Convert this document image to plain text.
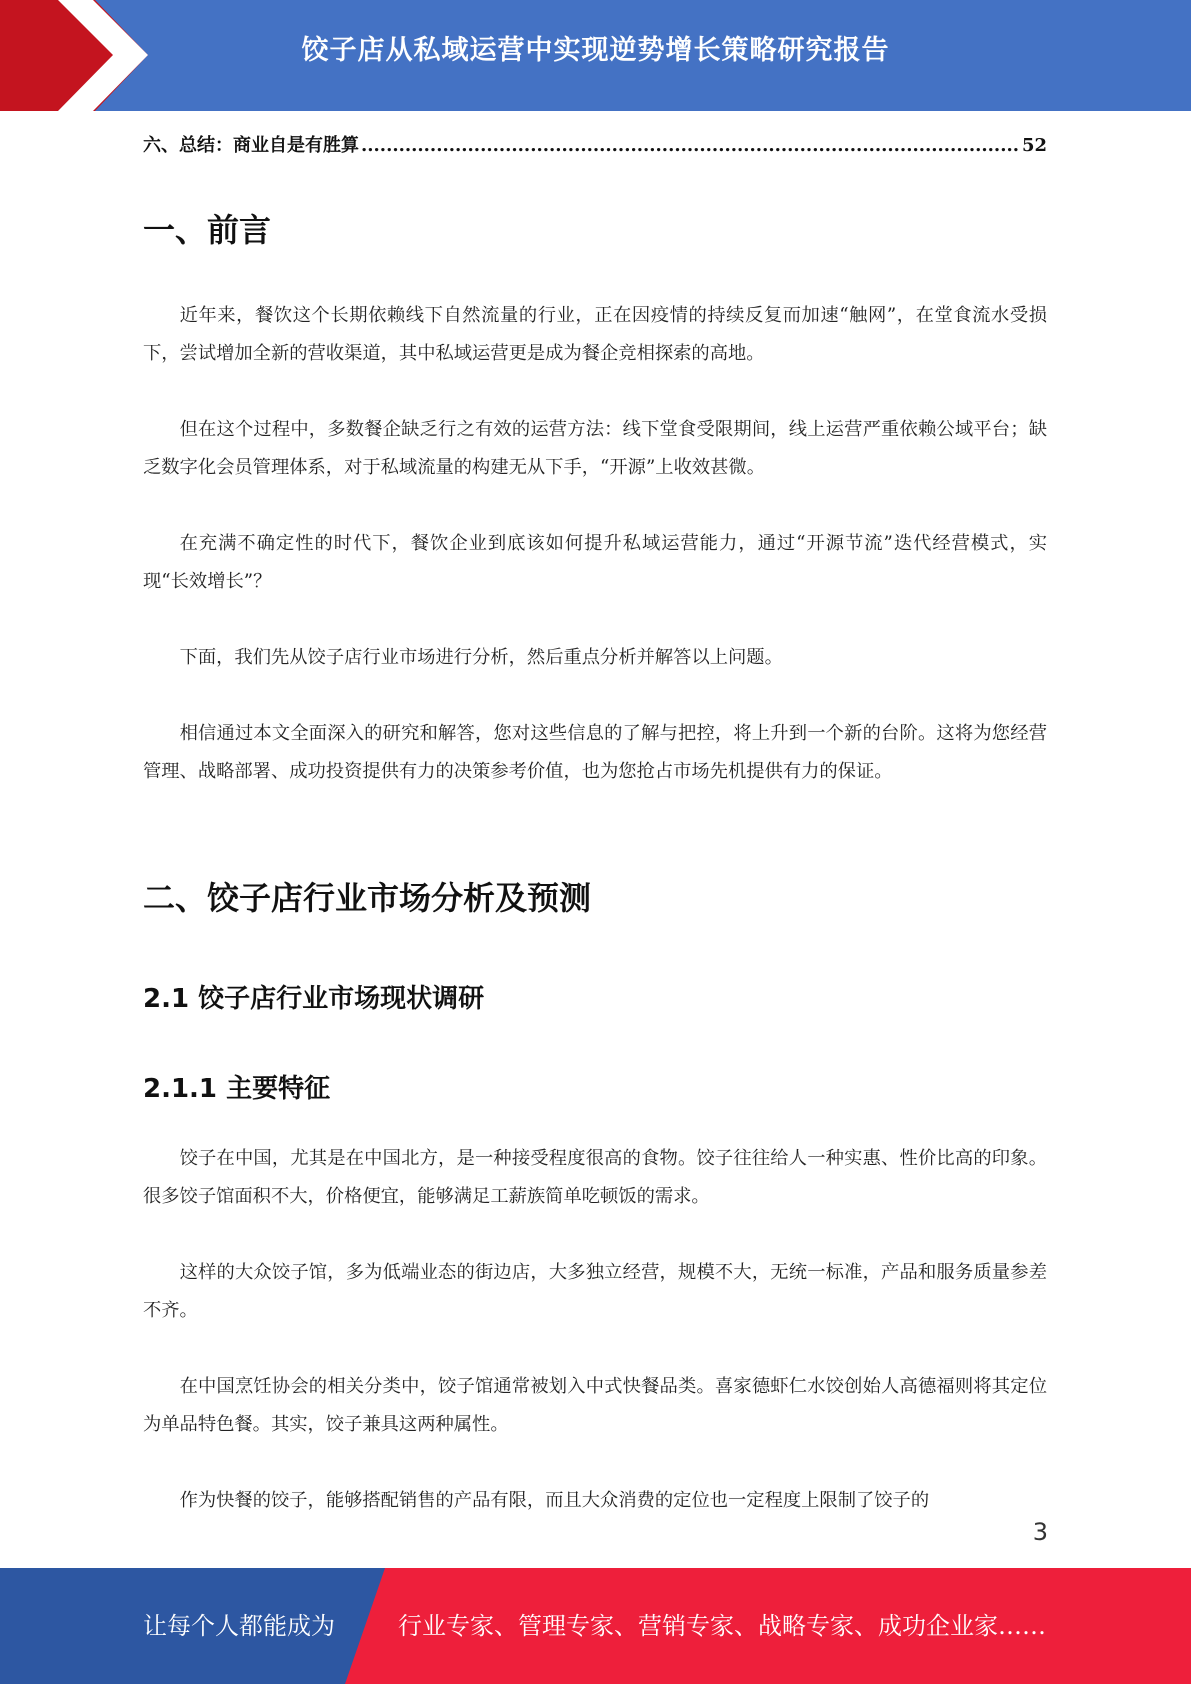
饺子店从私域运营中实现逆势增长策略研究报告
六、总结：商业自是有胜算
.....	52
一、前言

近年来，餐饮这个长期依赖线下自然流量的行业，正在因疫情的持续反复而加速“触网”，在堂食流水受损下，尝试增加全新的营收渠道，其中私域运营更是成为餐企竞相探索的高地。

但在这个过程中，多数餐企缺乏行之有效的运营方法：线下堂食受限期间，线上运营严重依赖公域平台；缺乏数字化会员管理体系，对于私域流量的构建无从下手，“开源”上收效甚微。

在充满不确定性的时代下，餐饮企业到底该如何提升私域运营能力，通过“开源节流”迭代经营模式，实现“长效增长”？

下面，我们先从饺子店行业市场进行分析，然后重点分析并解答以上问题。

相信通过本文全面深入的研究和解答，您对这些信息的了解与把控，将上升到一个新的台阶。这将为您经营管理、战略部署、成功投资提供有力的决策参考价值，也为您抢占市场先机提供有力的保证。

二、饺子店行业市场分析及预测
2.1 饺子店行业市场现状调研
2.1.1 主要特征

饺子在中国，尤其是在中国北方，是一种接受程度很高的食物。饺子往往给人一种实惠、性价比高的印象。很多饺子馆面积不大，价格便宜，能够满足工薪族简单吃顿饭的需求。

这样的大众饺子馆，多为低端业态的街边店，大多独立经营，规模不大，无统一标准，产品和服务质量参差不齐。

在中国烹饪协会的相关分类中，饺子馆通常被划入中式快餐品类。喜家德虾仁水饺创始人高德福则将其定位为单品特色餐。其实，饺子兼具这两种属性。

作为快餐的饺子，能够搭配销售的产品有限，而且大众消费的定位也一定程度上限制了饺子的

3
让每个人都能成为	行业专家、管理专家、营销专家、战略专家、成功企业家……
